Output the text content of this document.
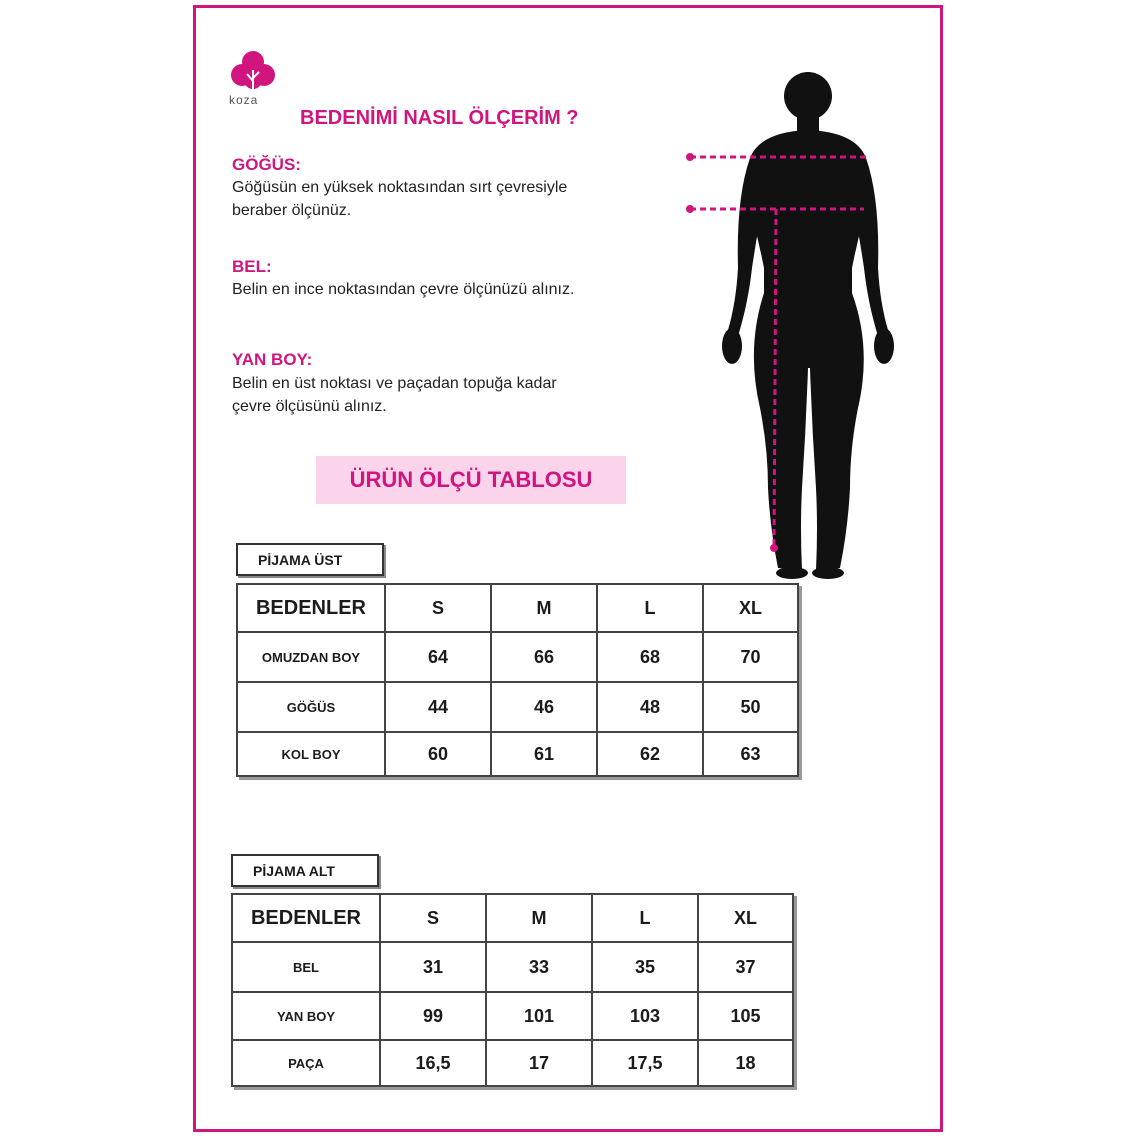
koza
BEDENİMİ NASIL ÖLÇERİM ?
GÖĞÜS:
Göğüsün en yüksek noktasından sırt çevresiyle
beraber ölçünüz.
BEL:
Belin en ince noktasından çevre ölçünüzü alınız.
YAN BOY:
Belin en üst noktası ve paçadan topuğa kadar
çevre ölçüsünü alınız.
ÜRÜN ÖLÇÜ TABLOSU
PİJAMA ÜST
BEDENLER	S	M	L	XL
OMUZDAN BOY	64	66	68	70
GÖĞÜS	44	46	48	50
KOL BOY	60	61	62	63
PİJAMA ALT
BEDENLER	S	M	L	XL
BEL	31	33	35	37
YAN BOY	99	101	103	105
PAÇA	16,5	17	17,5	18
